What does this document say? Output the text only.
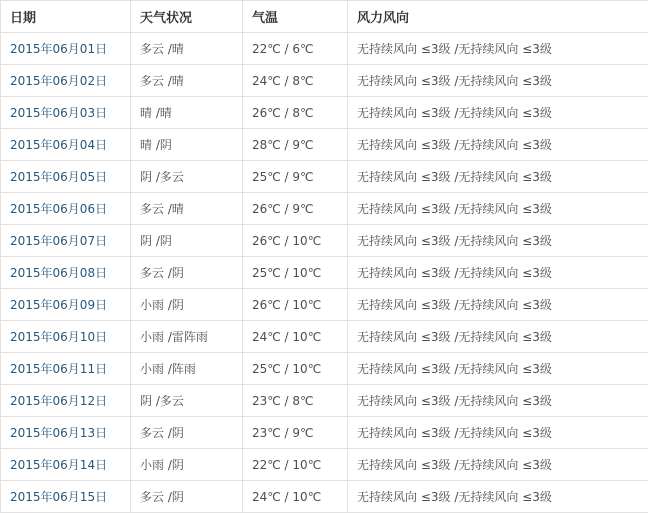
日期	天气状况	气温	风力风向
2015年06月01日	多云 /晴	22℃ / 6℃	无持续风向 ≤3级 /无持续风向 ≤3级
2015年06月02日	多云 /晴	24℃ / 8℃	无持续风向 ≤3级 /无持续风向 ≤3级
2015年06月03日	晴 /晴	26℃ / 8℃	无持续风向 ≤3级 /无持续风向 ≤3级
2015年06月04日	晴 /阴	28℃ / 9℃	无持续风向 ≤3级 /无持续风向 ≤3级
2015年06月05日	阴 /多云	25℃ / 9℃	无持续风向 ≤3级 /无持续风向 ≤3级
2015年06月06日	多云 /晴	26℃ / 9℃	无持续风向 ≤3级 /无持续风向 ≤3级
2015年06月07日	阴 /阴	26℃ / 10℃	无持续风向 ≤3级 /无持续风向 ≤3级
2015年06月08日	多云 /阴	25℃ / 10℃	无持续风向 ≤3级 /无持续风向 ≤3级
2015年06月09日	小雨 /阴	26℃ / 10℃	无持续风向 ≤3级 /无持续风向 ≤3级
2015年06月10日	小雨 /雷阵雨	24℃ / 10℃	无持续风向 ≤3级 /无持续风向 ≤3级
2015年06月11日	小雨 /阵雨	25℃ / 10℃	无持续风向 ≤3级 /无持续风向 ≤3级
2015年06月12日	阴 /多云	23℃ / 8℃	无持续风向 ≤3级 /无持续风向 ≤3级
2015年06月13日	多云 /阴	23℃ / 9℃	无持续风向 ≤3级 /无持续风向 ≤3级
2015年06月14日	小雨 /阴	22℃ / 10℃	无持续风向 ≤3级 /无持续风向 ≤3级
2015年06月15日	多云 /阴	24℃ / 10℃	无持续风向 ≤3级 /无持续风向 ≤3级
